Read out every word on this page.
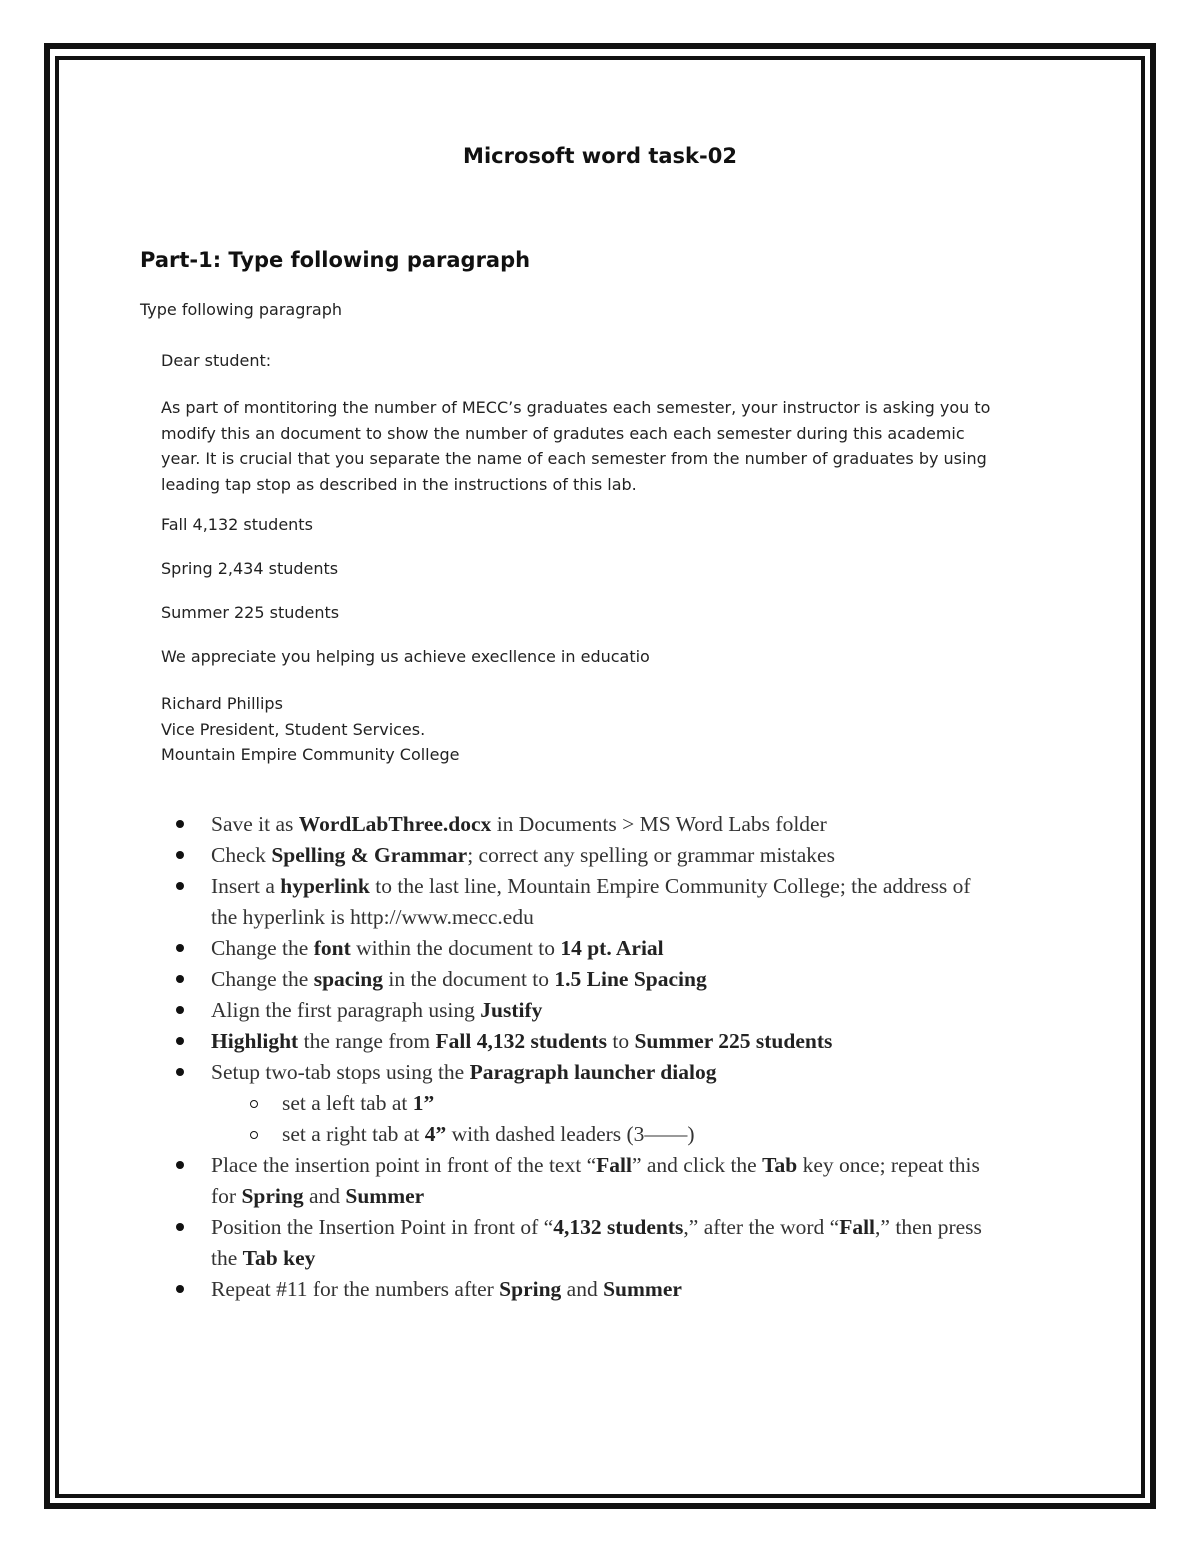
Microsoft word task-02
Part-1: Type following paragraph
Type following paragraph
Dear student:
As part of montitoring the number of MECC’s graduates each semester, your instructor is asking you to
modify this an document to show the number of gradutes each each semester during this academic
year. It is crucial that you separate the name of each semester from the number of graduates by using
leading tap stop as described in the instructions of this lab.
Fall 4,132 students
Spring 2,434 students
Summer 225 students
We appreciate you helping us achieve execllence in educatio
Richard Phillips
Vice President, Student Services.
Mountain Empire Community College
Save it as WordLabThree.docx in Documents > MS Word Labs folder
Check Spelling & Grammar; correct any spelling or grammar mistakes
Insert a hyperlink to the last line, Mountain Empire Community College; the address of
the hyperlink is http://www.mecc.edu
Change the font within the document to 14 pt. Arial
Change the spacing in the document to 1.5 Line Spacing
Align the first paragraph using Justify
Highlight the range from Fall 4,132 students to Summer 225 students
Setup two-tab stops using the Paragraph launcher dialog
set a left tab at 1”
set a right tab at 4” with dashed leaders (3——)
Place the insertion point in front of the text “Fall” and click the Tab key once; repeat this
for Spring and Summer
Position the Insertion Point in front of “4,132 students,” after the word “Fall,” then press
the Tab key
Repeat #11 for the numbers after Spring and Summer
